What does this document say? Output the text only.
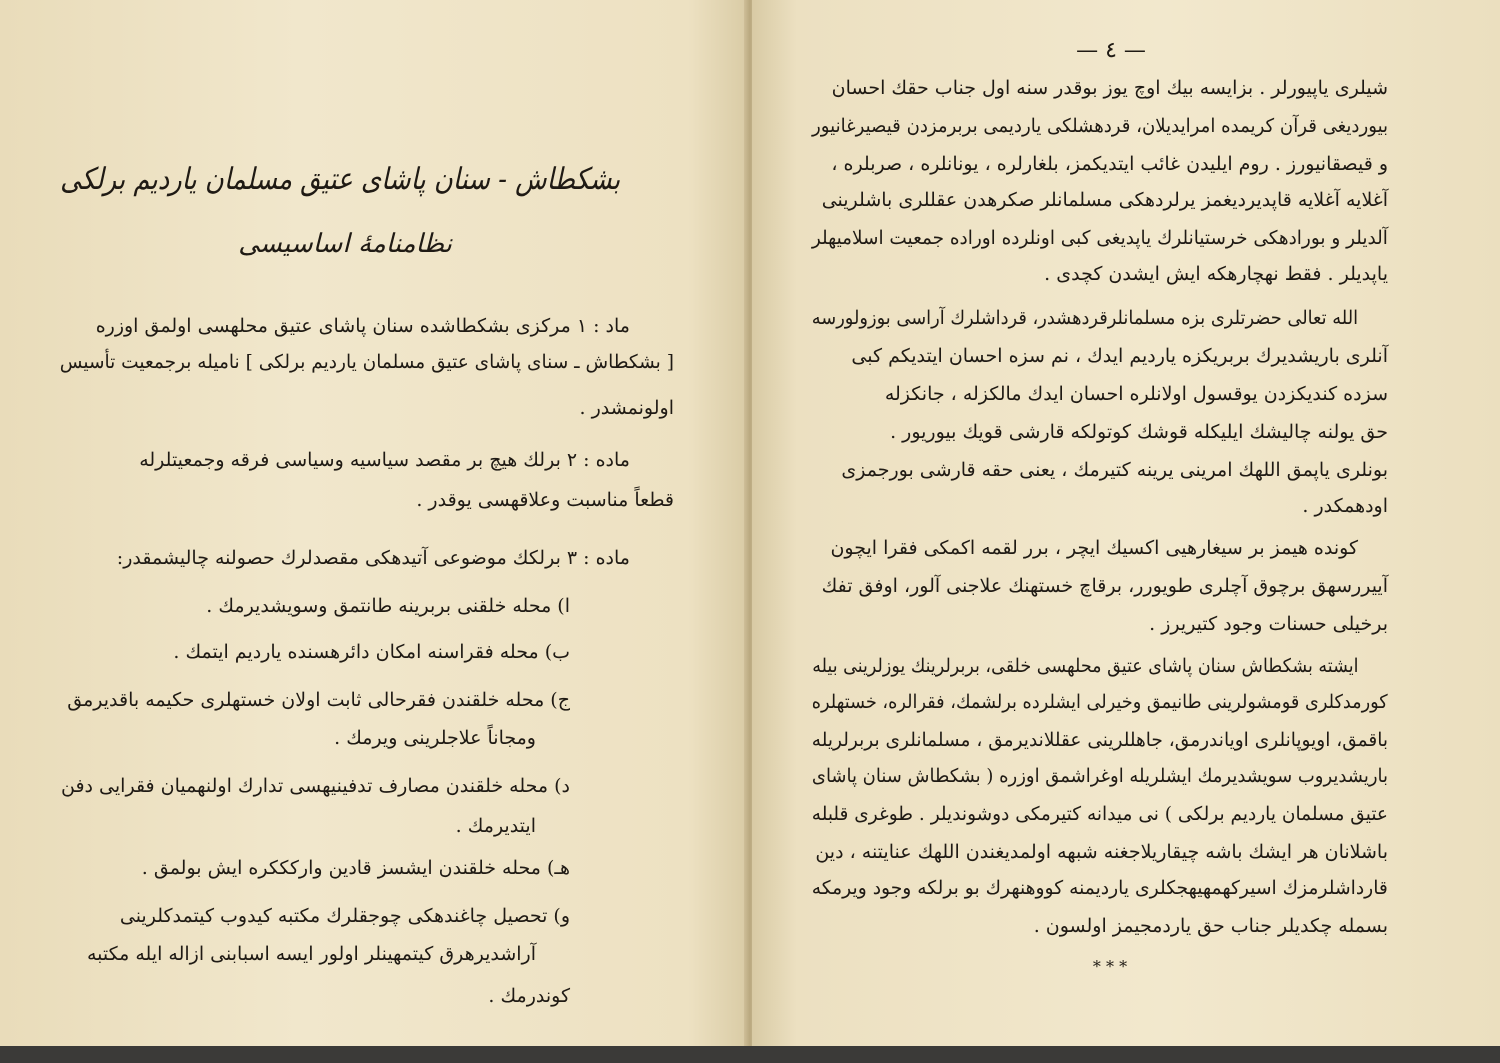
بشكطاش - سنان پاشای عتیق مسلمان یاردیم برلكی
نظامنامهٔ اساسیسی
ماد : ۱ مركزی بشكطاشده سنان پاشای عتیق محلهسی اولمق اوزره
[ بشكطاش ـ سنای پاشای عتیق مسلمان یاردیم برلكی ] نامیله برجمعیت تأسیس
اولونمشدر .
ماده : ۲ برلك هیچ بر مقصد سیاسیه وسیاسی فرقه وجمعیتلرله
قطعاً مناسبت وعلاقهسی یوقدر .
ماده : ۳ برلكك موضوعی آتیدهكی مقصدلرك حصولنه چالیشمقدر:
ا) محله خلقنی بربرینه طانتمق وسویشدیرمك .
ب) محله فقراسنه امكان دائرهسنده یاردیم ایتمك .
ج) محله خلقندن فقرحالی ثابت اولان خستهلری حكیمه باقدیرمق
ومجاناً علاجلرینی ویرمك .
د) محله خلقندن مصارف تدفینیهسی تدارك اولنهمیان فقرایی دفن
ایتدیرمك .
هـ) محله خلقندن ایشسز قادین واركككره ایش بولمق .
و) تحصیل چاغندهكی چوجقلرك مكتبه كیدوب كیتمدكلرینی
آراشدیرهرق كیتمهینلر اولور ایسه اسبابنی ازاله ایله مكتبه
كوندرمك .
شیلری یاپیورلر . بزایسه بیك اوچ یوز بوقدر سنه اول جناب حقك احسان
بیوردیغی قرآن كریمده امرایدیلان، قردهشلكی یاردیمی بربرمزدن قیصیرغانیور
و قیصقانیورز . روم ایلیدن غائب ایتدیكمز، بلغارلره ، یونانلره ، صربلره ،
آغلایه آغلایه قاپدیردیغمز یرلردهكی مسلمانلر صكرهدن عقللری باشلرینی
آلدیلر و بورادهكی خرستیانلرك یاپدیغی كبی اونلرده اوراده جمعیت اسلامیهلر
یاپدیلر . فقط نهچارهكه ایش ایشدن كچدی .
الله تعالی حضرتلری بزه مسلمانلرقردهشدر، قرداشلرك آراسی بوزولورسه
آنلری باریشدیرك بربریكزه یاردیم ایدك ، نم سزه احسان ایتدیكم كبی
سزده كندیكزدن یوقسول اولانلره احسان ایدك مالكزله ، جانكزله
حق یولنه چالیشك ایلیكله قوشك كوتولكه قارشی قویك بیوریور .
بونلری یاپمق اللهك امرینی یرینه كتیرمك ، یعنی حقه قارشی بورجمزی
اودهمكدر .
كونده هیمز بر سیغارهیی اكسیك ایچر ، برر لقمه اكمكی فقرا ایچون
آییررسهق برچوق آچلری طویورر، برقاچ خستهنك علاجنی آلور، اوفق تفك
برخیلی حسنات وجود كتیریرز .
ایشته بشكطاش سنان پاشای عتیق محلهسی خلقی، بربرلرینك یوزلرینی بیله
كورمدكلری قومشولرینی طانیمق وخیرلی ایشلرده برلشمك، فقرالره، خستهلره
باقمق، اویوپانلری اویاندرمق، جاهللرینی عقللاندیرمق ، مسلمانلری بربرلریله
باریشدیروب سویشدیرمك ایشلریله اوغراشمق اوزره ( بشكطاش سنان پاشای
عتیق مسلمان یاردیم برلكی ) نی میدانه كتیرمكی دوشوندیلر . طوغری قلبله
باشلانان هر ایشك باشه چیقاریلاجغنه شبهه اولمدیغندن اللهك عنایتنه ، دین
قارداشلرمزك اسیركهمهیهجكلری یاردیمنه كووهنهرك بو برلكه وجود ویرمكه
بسمله چكدیلر جناب حق یاردمجیمز اولسون .
— ٤ —
* * *
